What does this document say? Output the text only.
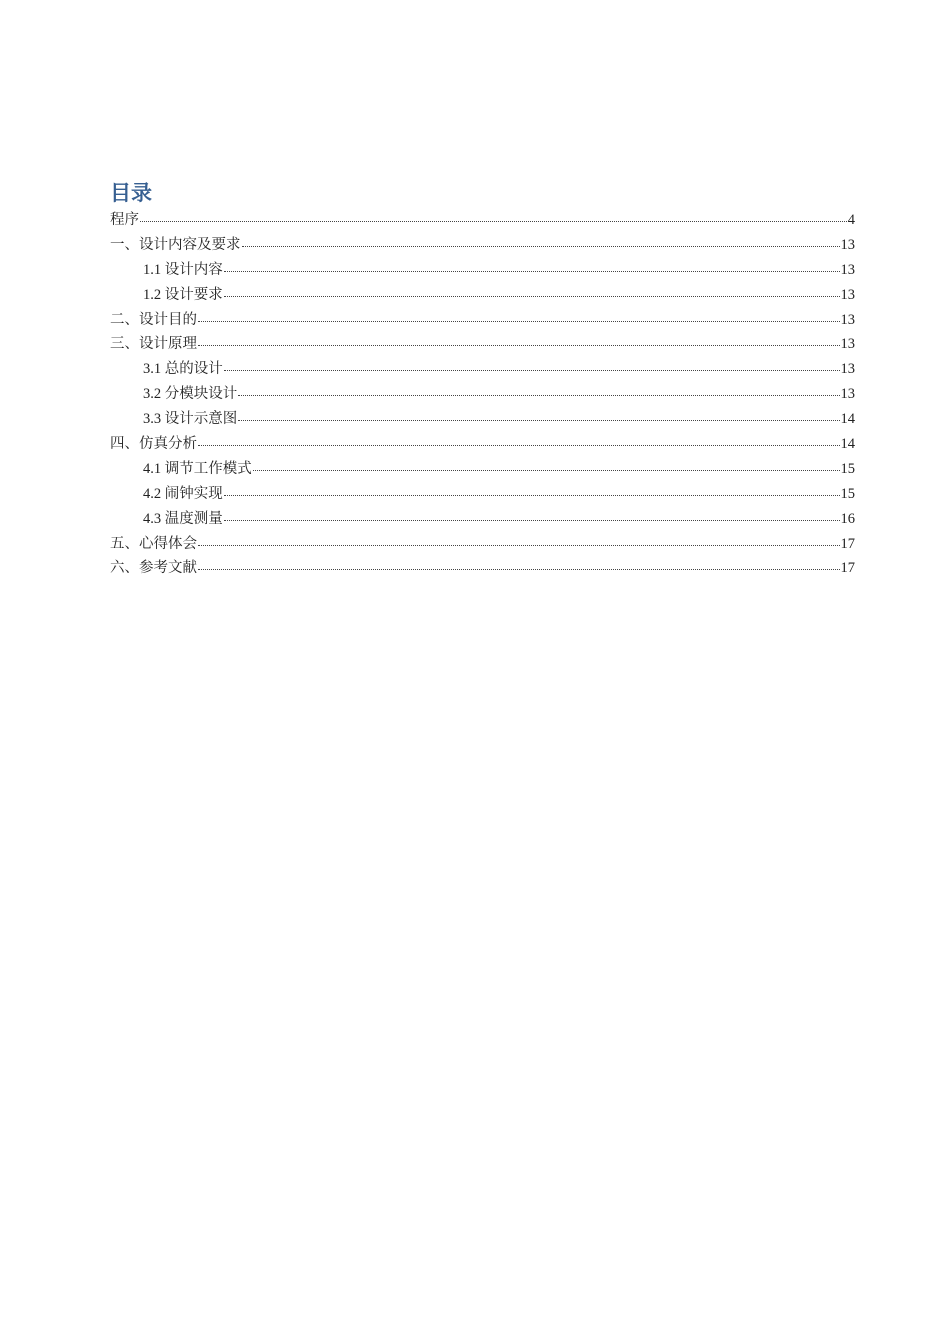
目录
程序	4
一、设计内容及要求	13
1.1 设计内容	13
1.2 设计要求	13
二、设计目的	13
三、设计原理	13
3.1 总的设计	13
3.2 分模块设计	13
3.3 设计示意图	14
四、仿真分析	14
4.1 调节工作模式	15
4.2 闹钟实现	15
4.3 温度测量	16
五、心得体会	17
六、参考文献	17
